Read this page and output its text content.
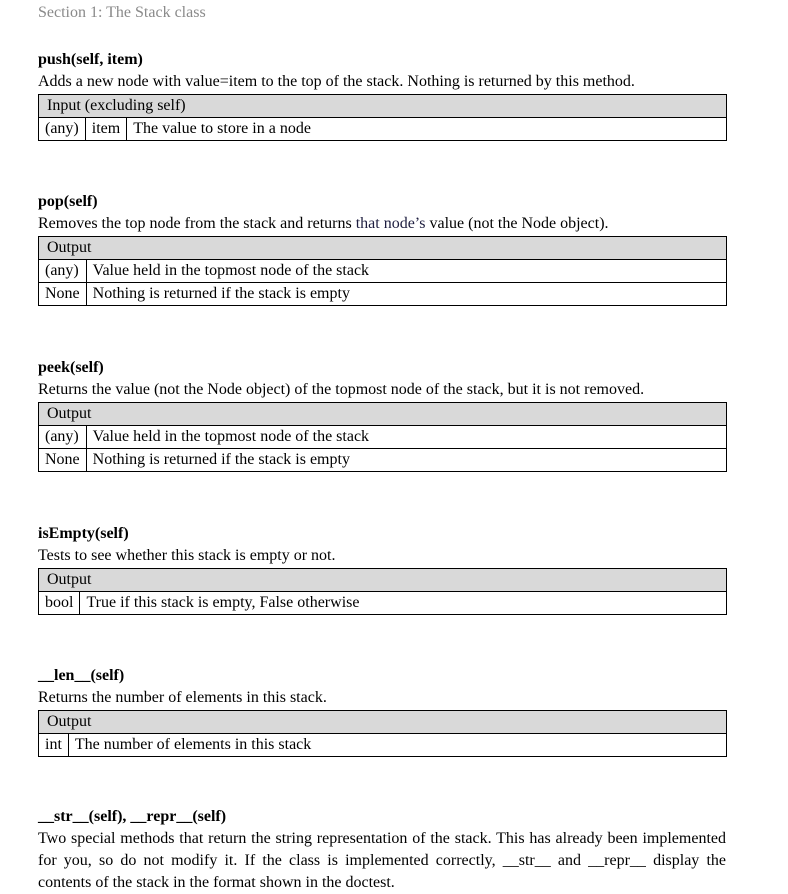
Section 1: The Stack class
push(self, item)
Adds a new node with value=item to the top of the stack. Nothing is returned by this method.
Input (excluding self)
(any)	item	The value to store in a node
pop(self)
Removes the top node from the stack and returns that node’s value (not the Node object).
Output	
(any)	Value held in the topmost node of the stack
None	Nothing is returned if the stack is empty
peek(self)
Returns the value (not the Node object) of the topmost node of the stack, but it is not removed.
Output	
(any)	Value held in the topmost node of the stack
None	Nothing is returned if the stack is empty
isEmpty(self)
Tests to see whether this stack is empty or not.
Output
bool	True if this stack is empty, False otherwise
__len__(self)
Returns the number of elements in this stack.
Output
int	The number of elements in this stack
__str__(self), __repr__(self)
Two special methods that return the string representation of the stack. This has already been implemented for you, so do not modify it. If the class is implemented correctly, __str__ and __repr__ display the contents of the stack in the format shown in the doctest.
